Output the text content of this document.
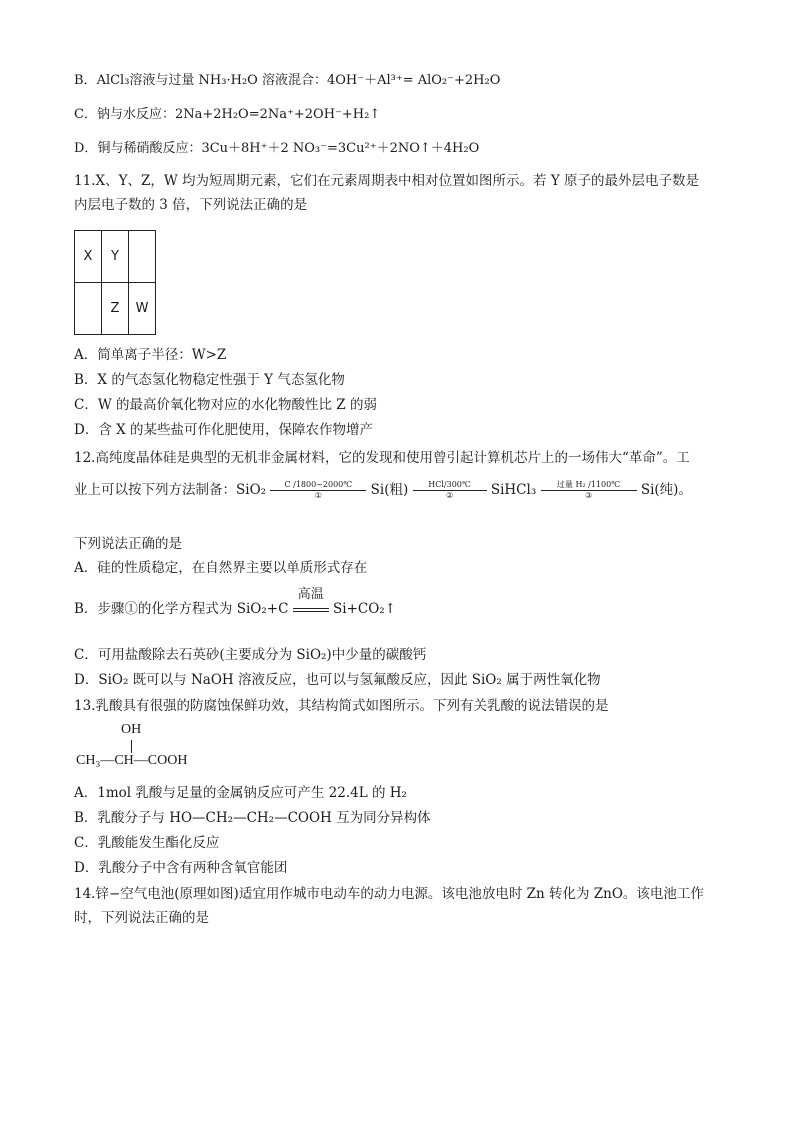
B．AlCl₃溶液与过量 NH₃·H₂O 溶液混合：4OH⁻＋Al³⁺= AlO₂⁻+2H₂O
C．钠与水反应：2Na+2H₂O=2Na⁺+2OH⁻+H₂↑
D．铜与稀硝酸反应：3Cu＋8H⁺＋2 NO₃⁻=3Cu²⁺＋2NO↑＋4H₂O
11.X、Y、Z，W 均为短周期元素，它们在元素周期表中相对位置如图所示。若 Y 原子的最外层电子数是
内层电子数的 3 倍，下列说法正确的是
X	Y	
	Z	W
A．简单离子半径：W>Z
B．X 的气态氢化物稳定性强于 Y 气态氢化物
C．W 的最高价氧化物对应的水化物酸性比 Z 的弱
D．含 X 的某些盐可作化肥使用，保障农作物增产
12.高纯度晶体硅是典型的无机非金属材料，它的发现和使用曾引起计算机芯片上的一场伟大“革命”。工
业上可以按下列方法制备：SiO₂	C /1800~2000℃
①	Si(粗)	HCl/300℃
②	SiHCl₃	过量 H₂ /1100℃
③	Si(纯)。
下列说法正确的是
A．硅的性质稳定，在自然界主要以单质形式存在
B．步骤①的化学方程式为 SiO₂+C
高温
Si+CO₂↑
C．可用盐酸除去石英砂(主要成分为 SiO₂)中少量的碳酸钙
D．SiO₂ 既可以与 NaOH 溶液反应，也可以与氢氟酸反应，因此 SiO₂ 属于两性氧化物
13.乳酸具有很强的防腐蚀保鲜功效，其结构简式如图所示。下列有关乳酸的说法错误的是
OH
CH₃—CH—COOH
A．1mol 乳酸与足量的金属钠反应可产生 22.4L 的 H₂
B．乳酸分子与 HO—CH₂—CH₂—COOH 互为同分异构体
C．乳酸能发生酯化反应
D．乳酸分子中含有两种含氧官能团
14.锌−空气电池(原理如图)适宜用作城市电动车的动力电源。该电池放电时 Zn 转化为 ZnO。该电池工作
时，下列说法正确的是
